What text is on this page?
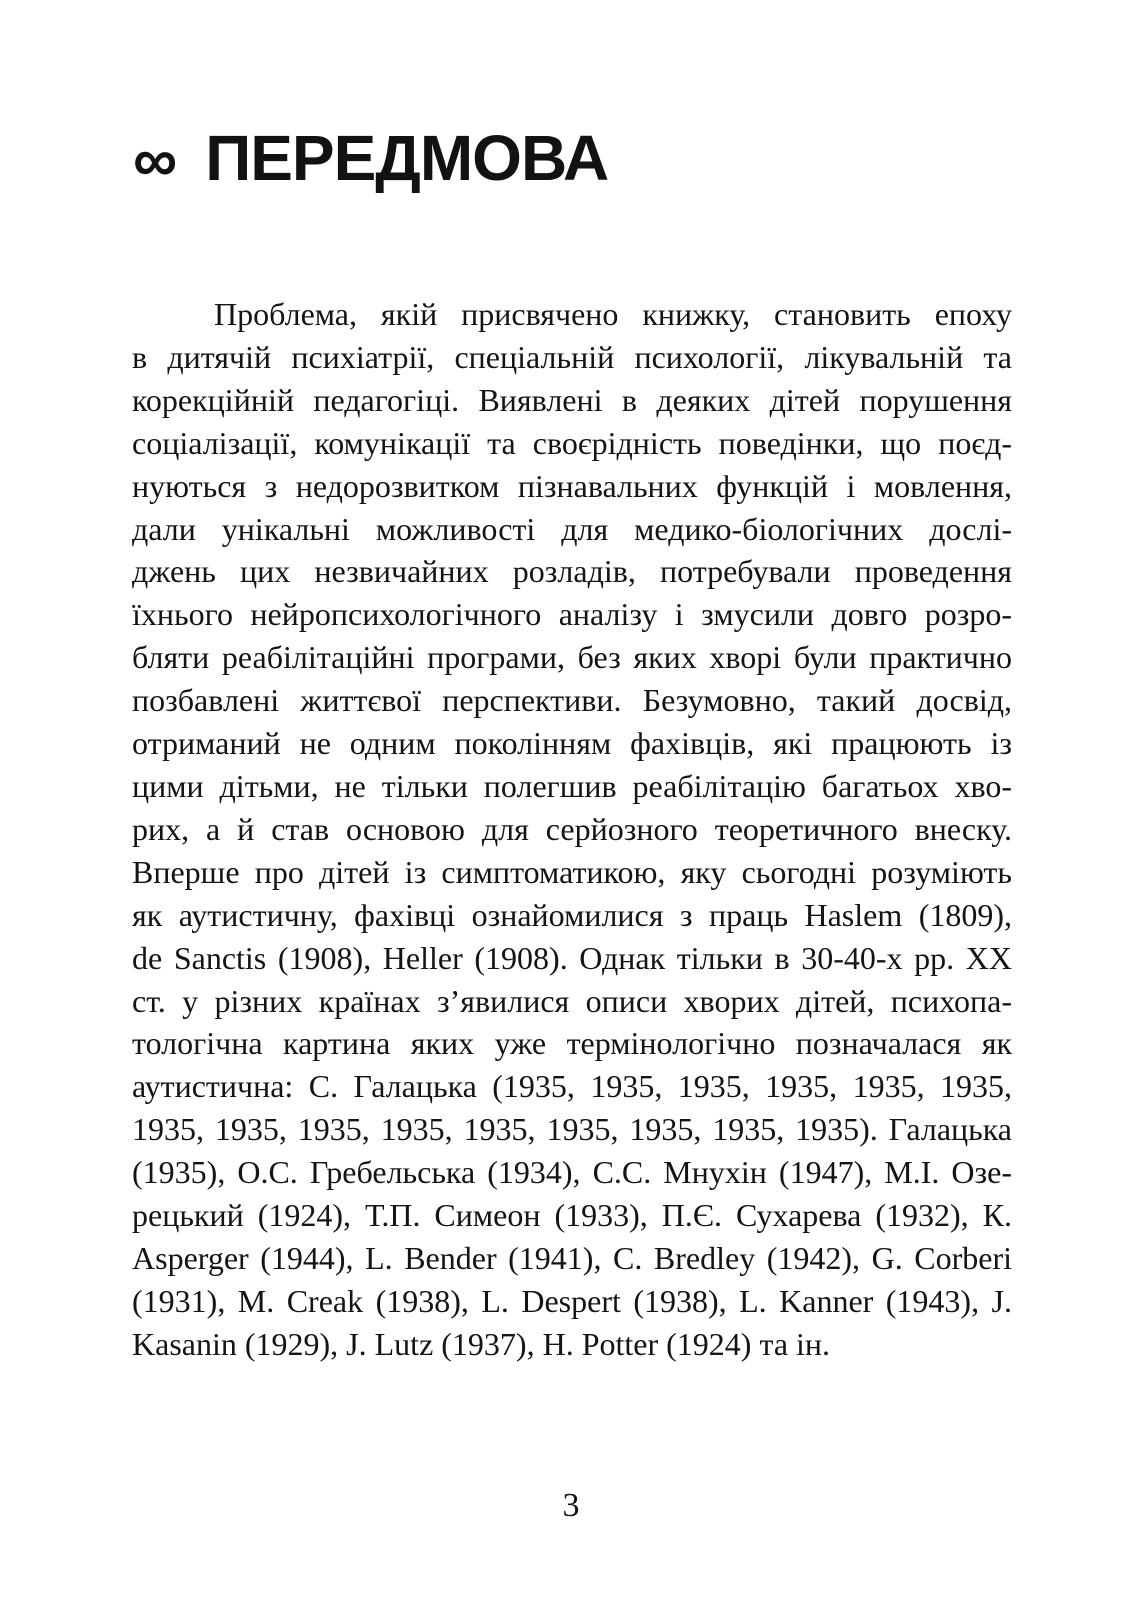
∞ ПЕРЕДМОВА
Проблема, якій присвячено книжку, становить епоху
в дитячій психіатрії, спеціальній психології, лікувальній та
корекційній педагогіці. Виявлені в деяких дітей порушення
соціалізації, комунікації та своєрідність поведінки, що поєд-
нуються з недорозвитком пізнавальних функцій і мовлення,
дали унікальні можливості для медико-біологічних дослі-
джень цих незвичайних розладів, потребували проведення
їхнього нейропсихологічного аналізу і змусили довго розро-
бляти реабілітаційні програми, без яких хворі були практично
позбавлені життєвої перспективи. Безумовно, такий досвід,
отриманий не одним поколінням фахівців, які працюють із
цими дітьми, не тільки полегшив реабілітацію багатьох хво-
рих, а й став основою для серйозного теоретичного внеску.
Вперше про дітей із симптоматикою, яку сьогодні розуміють
як аутистичну, фахівці ознайомилися з праць Haslem (1809),
de Sanctis (1908), Heller (1908). Однак тільки в 30-40-х рр. XX
ст. у різних країнах з’явилися описи хворих дітей, психопа-
тологічна картина яких уже термінологічно позначалася як
аутистична: С. Галацька (1935, 1935, 1935, 1935, 1935, 1935,
1935, 1935, 1935, 1935, 1935, 1935, 1935, 1935, 1935). Галацька
(1935), О.С. Гребельська (1934), С.С. Мнухін (1947), М.І. Озе-
рецький (1924), Т.П. Симеон (1933), П.Є. Сухарева (1932), К.
Asperger (1944), L. Bender (1941), C. Bredley (1942), G. Corberi
(1931), M. Creak (1938), L. Despert (1938), L. Kanner (1943), J.
Kasanin (1929), J. Lutz (1937), H. Potter (1924) та ін.
3
